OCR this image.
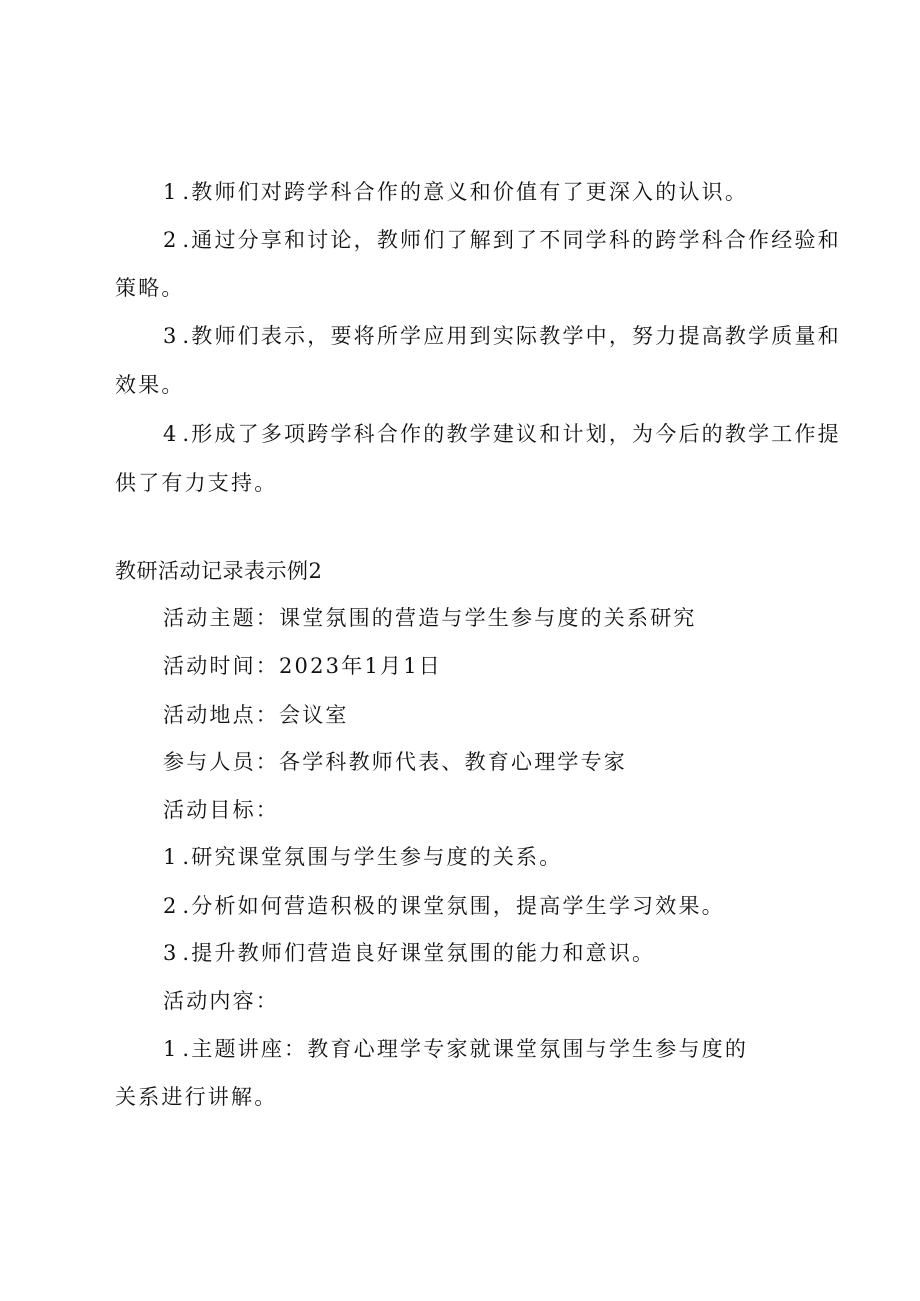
1 .教师们对跨学科合作的意义和价值有了更深入的认识。
2 .通过分享和讨论，教师们了解到了不同学科的跨学科合作经验和
策略。
3 .教师们表示，要将所学应用到实际教学中，努力提高教学质量和
效果。
4 .形成了多项跨学科合作的教学建议和计划，为今后的教学工作提
供了有力支持。
教研活动记录表示例2
活动主题：课堂氛围的营造与学生参与度的关系研究
活动时间：2023年1月1日
活动地点：会议室
参与人员：各学科教师代表、教育心理学专家
活动目标：
1 .研究课堂氛围与学生参与度的关系。
2 .分析如何营造积极的课堂氛围，提高学生学习效果。
3 .提升教师们营造良好课堂氛围的能力和意识。
活动内容：
1 .主题讲座：教育心理学专家就课堂氛围与学生参与度的
关系进行讲解。
